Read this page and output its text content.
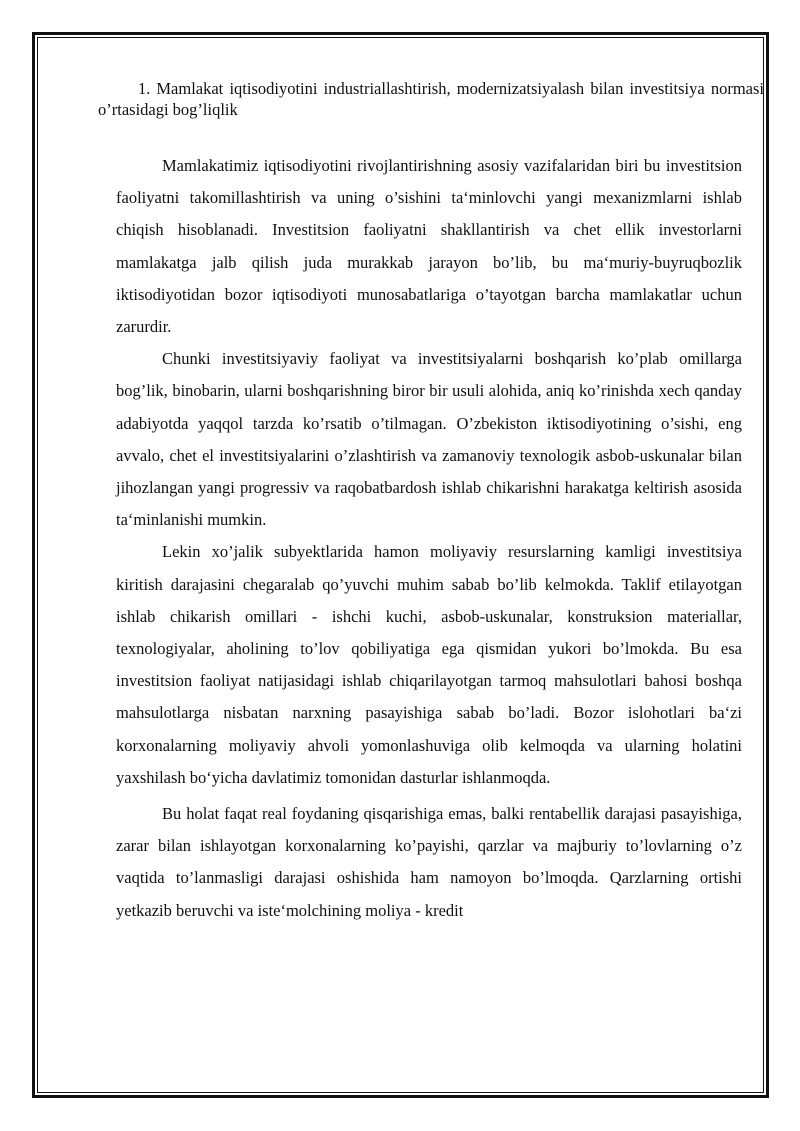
1. Mamlakat iqtisodiyotini industriallashtirish, modernizatsiyalash bilan investitsiya normasi o’rtasidagi bog’liqlik

Mamlakatimiz iqtisodiyotini rivojlantirishning asosiy vazifalaridan biri bu investitsion faoliyatni takomillashtirish va uning o’sishini ta‘minlovchi yangi mexanizmlarni ishlab chiqish hisoblanadi. Investitsion faoliyatni shakllantirish va chet ellik investorlarni mamlakatga jalb qilish juda murakkab jarayon bo’lib, bu ma‘muriy-buyruqbozlik iktisodiyotidan bozor iqtisodiyoti munosabatlariga o’tayotgan barcha mamlakatlar uchun zarurdir.

Chunki investitsiyaviy faoliyat va investitsiyalarni boshqarish ko’plab omillarga bog’lik, binobarin, ularni boshqarishning biror bir usuli alohida, aniq ko’rinishda xech qanday adabiyotda yaqqol tarzda ko’rsatib o’tilmagan. O’zbekiston iktisodiyotining o’sishi, eng avvalo, chet el investitsiyalarini o’zlashtirish va zamanoviy texnologik asbob-uskunalar bilan jihozlangan yangi progressiv va raqobatbardosh ishlab chikarishni harakatga keltirish asosida ta‘minlanishi mumkin.

Lekin xo’jalik subyektlarida hamon moliyaviy resurslarning kamligi investitsiya kiritish darajasini chegaralab qo’yuvchi muhim sabab bo’lib kelmokda. Taklif etilayotgan ishlab chikarish omillari - ishchi kuchi, asbob-uskunalar, konstruksion materiallar, texnologiyalar, aholining to’lov qobiliyatiga ega qismidan yukori bo’lmokda. Bu esa investitsion faoliyat natijasidagi ishlab chiqarilayotgan tarmoq mahsulotlari bahosi boshqa mahsulotlarga nisbatan narxning pasayishiga sabab bo’ladi. Bozor islohotlari ba‘zi korxonalarning moliyaviy ahvoli yomonlashuviga olib kelmoqda va ularning holatini yaxshilash bo‘yicha davlatimiz tomonidan dasturlar ishlanmoqda.

Bu holat faqat real foydaning qisqarishiga emas, balki rentabellik darajasi pasayishiga, zarar bilan ishlayotgan korxonalarning ko’payishi, qarzlar va majburiy to’lovlarning o’z vaqtida to’lanmasligi darajasi oshishida ham namoyon bo’lmoqda. Qarzlarning ortishi yetkazib beruvchi va iste‘molchining moliya - kredit
